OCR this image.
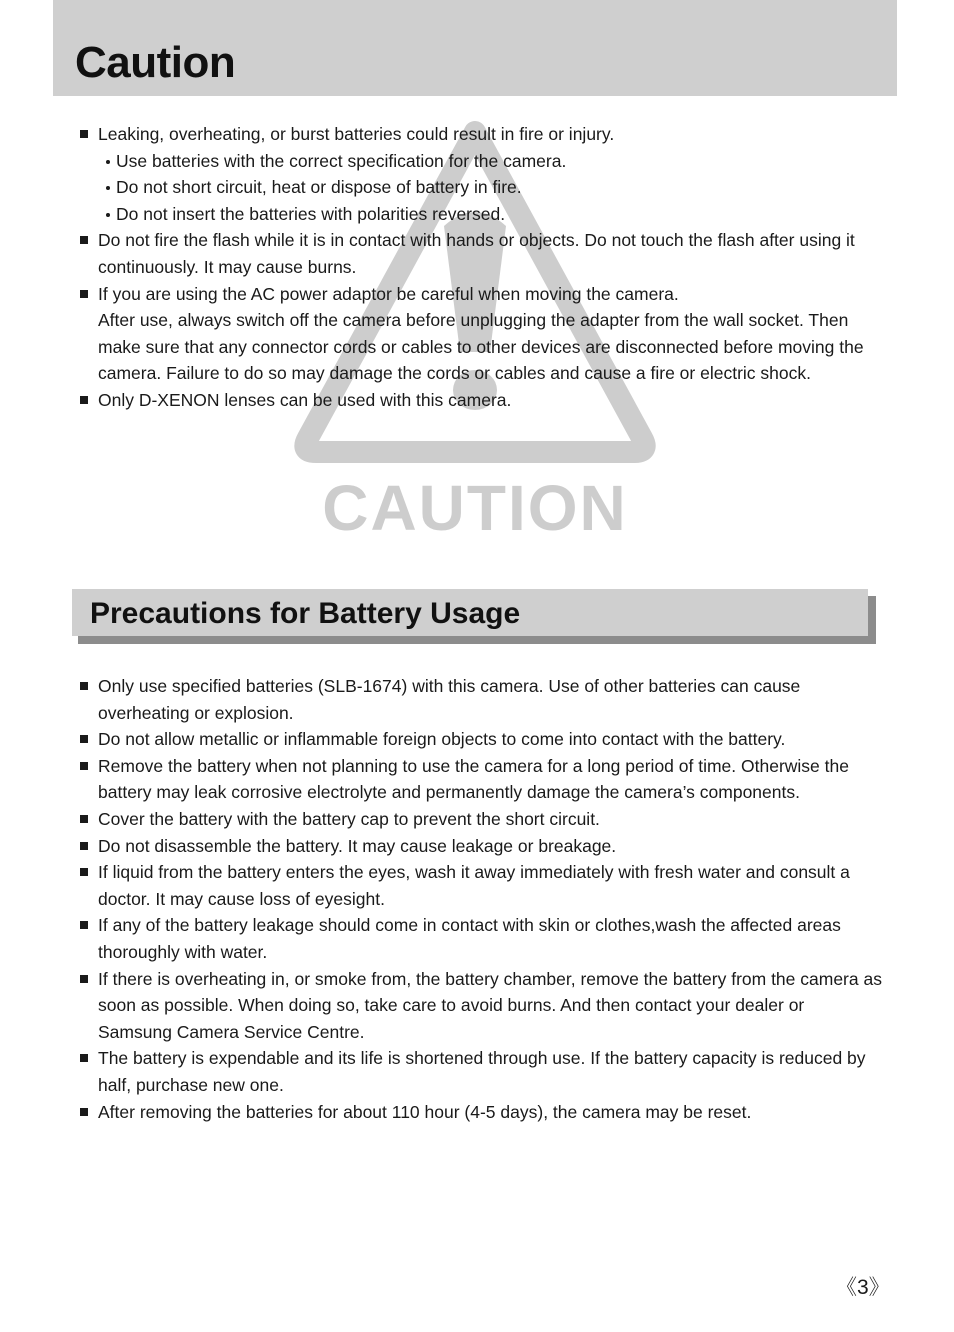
Caution
CAUTION
Leaking, overheating, or burst batteries could result in fire or injury.
Use batteries with the correct specification for the camera.
Do not short circuit, heat or dispose of battery in fire.
Do not insert the batteries with polarities reversed.
Do not fire the flash while it is in contact with hands or objects. Do not touch the flash after using it
continuously. It may cause burns.
If you are using the AC power adaptor be careful when moving the camera.
After use, always switch off the camera before unplugging the adapter from the wall socket. Then
make sure that any connector cords or cables to other devices are disconnected before moving the
camera. Failure to do so may damage the cords or cables and cause a fire or electric shock.
Only D-XENON lenses can be used with this camera.
Precautions for Battery Usage
Only use specified batteries (SLB-1674) with this camera. Use of other batteries can cause
overheating or explosion.
Do not allow metallic or inflammable foreign objects to come into contact with the battery.
Remove the battery when not planning to use the camera for a long period of time. Otherwise the
battery may leak corrosive electrolyte and permanently damage the camera’s components.
Cover the battery with the battery cap to prevent the short circuit.
Do not disassemble the battery. It may cause leakage or breakage.
If liquid from the battery enters the eyes, wash it away immediately with fresh water and consult a
doctor. It may cause loss of eyesight.
If any of the battery leakage should come in contact with skin or clothes,wash the affected areas
thoroughly with water.
If there is overheating in, or smoke from, the battery chamber, remove the battery from the camera as
soon as possible. When doing so, take care to avoid burns. And then contact your dealer or
Samsung Camera Service Centre.
The battery is expendable and its life is shortened through use. If the battery capacity is reduced by
half, purchase new one.
After removing the batteries for about 110 hour (4-5 days), the camera may be reset.
《3》
